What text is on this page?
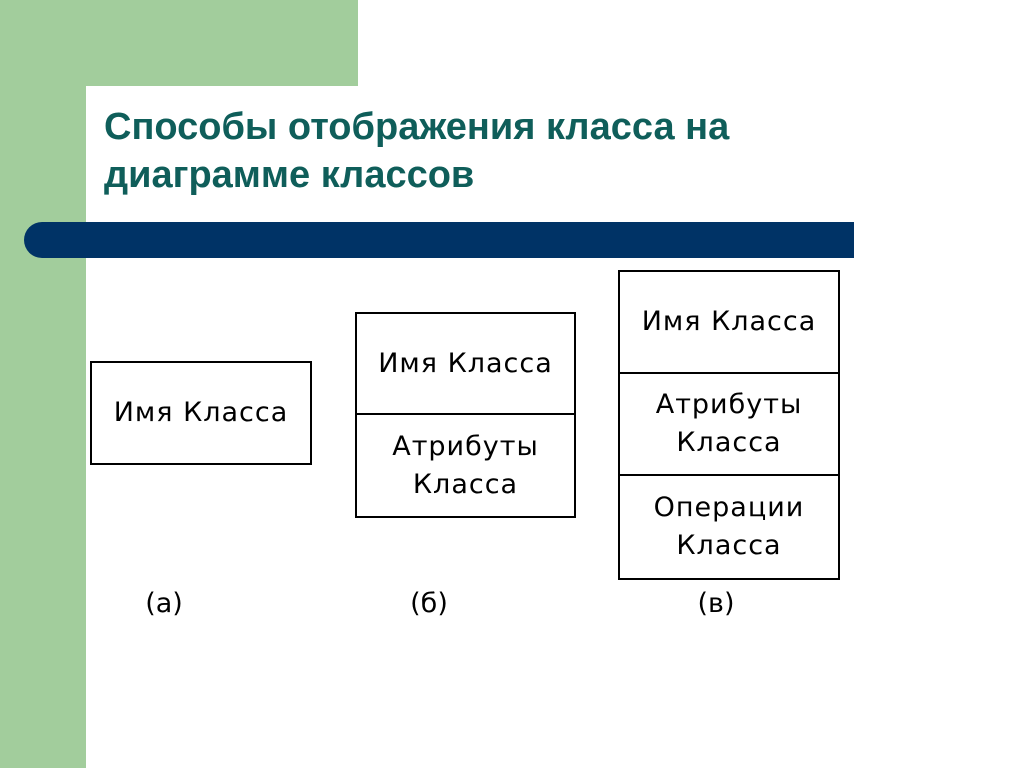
Способы отображения класса на
диаграмме классов
Имя Класса
Имя Класса
Атрибуты
Класса
Имя Класса
Атрибуты
Класса
Операции
Класса
(а)	(б)	(в)
